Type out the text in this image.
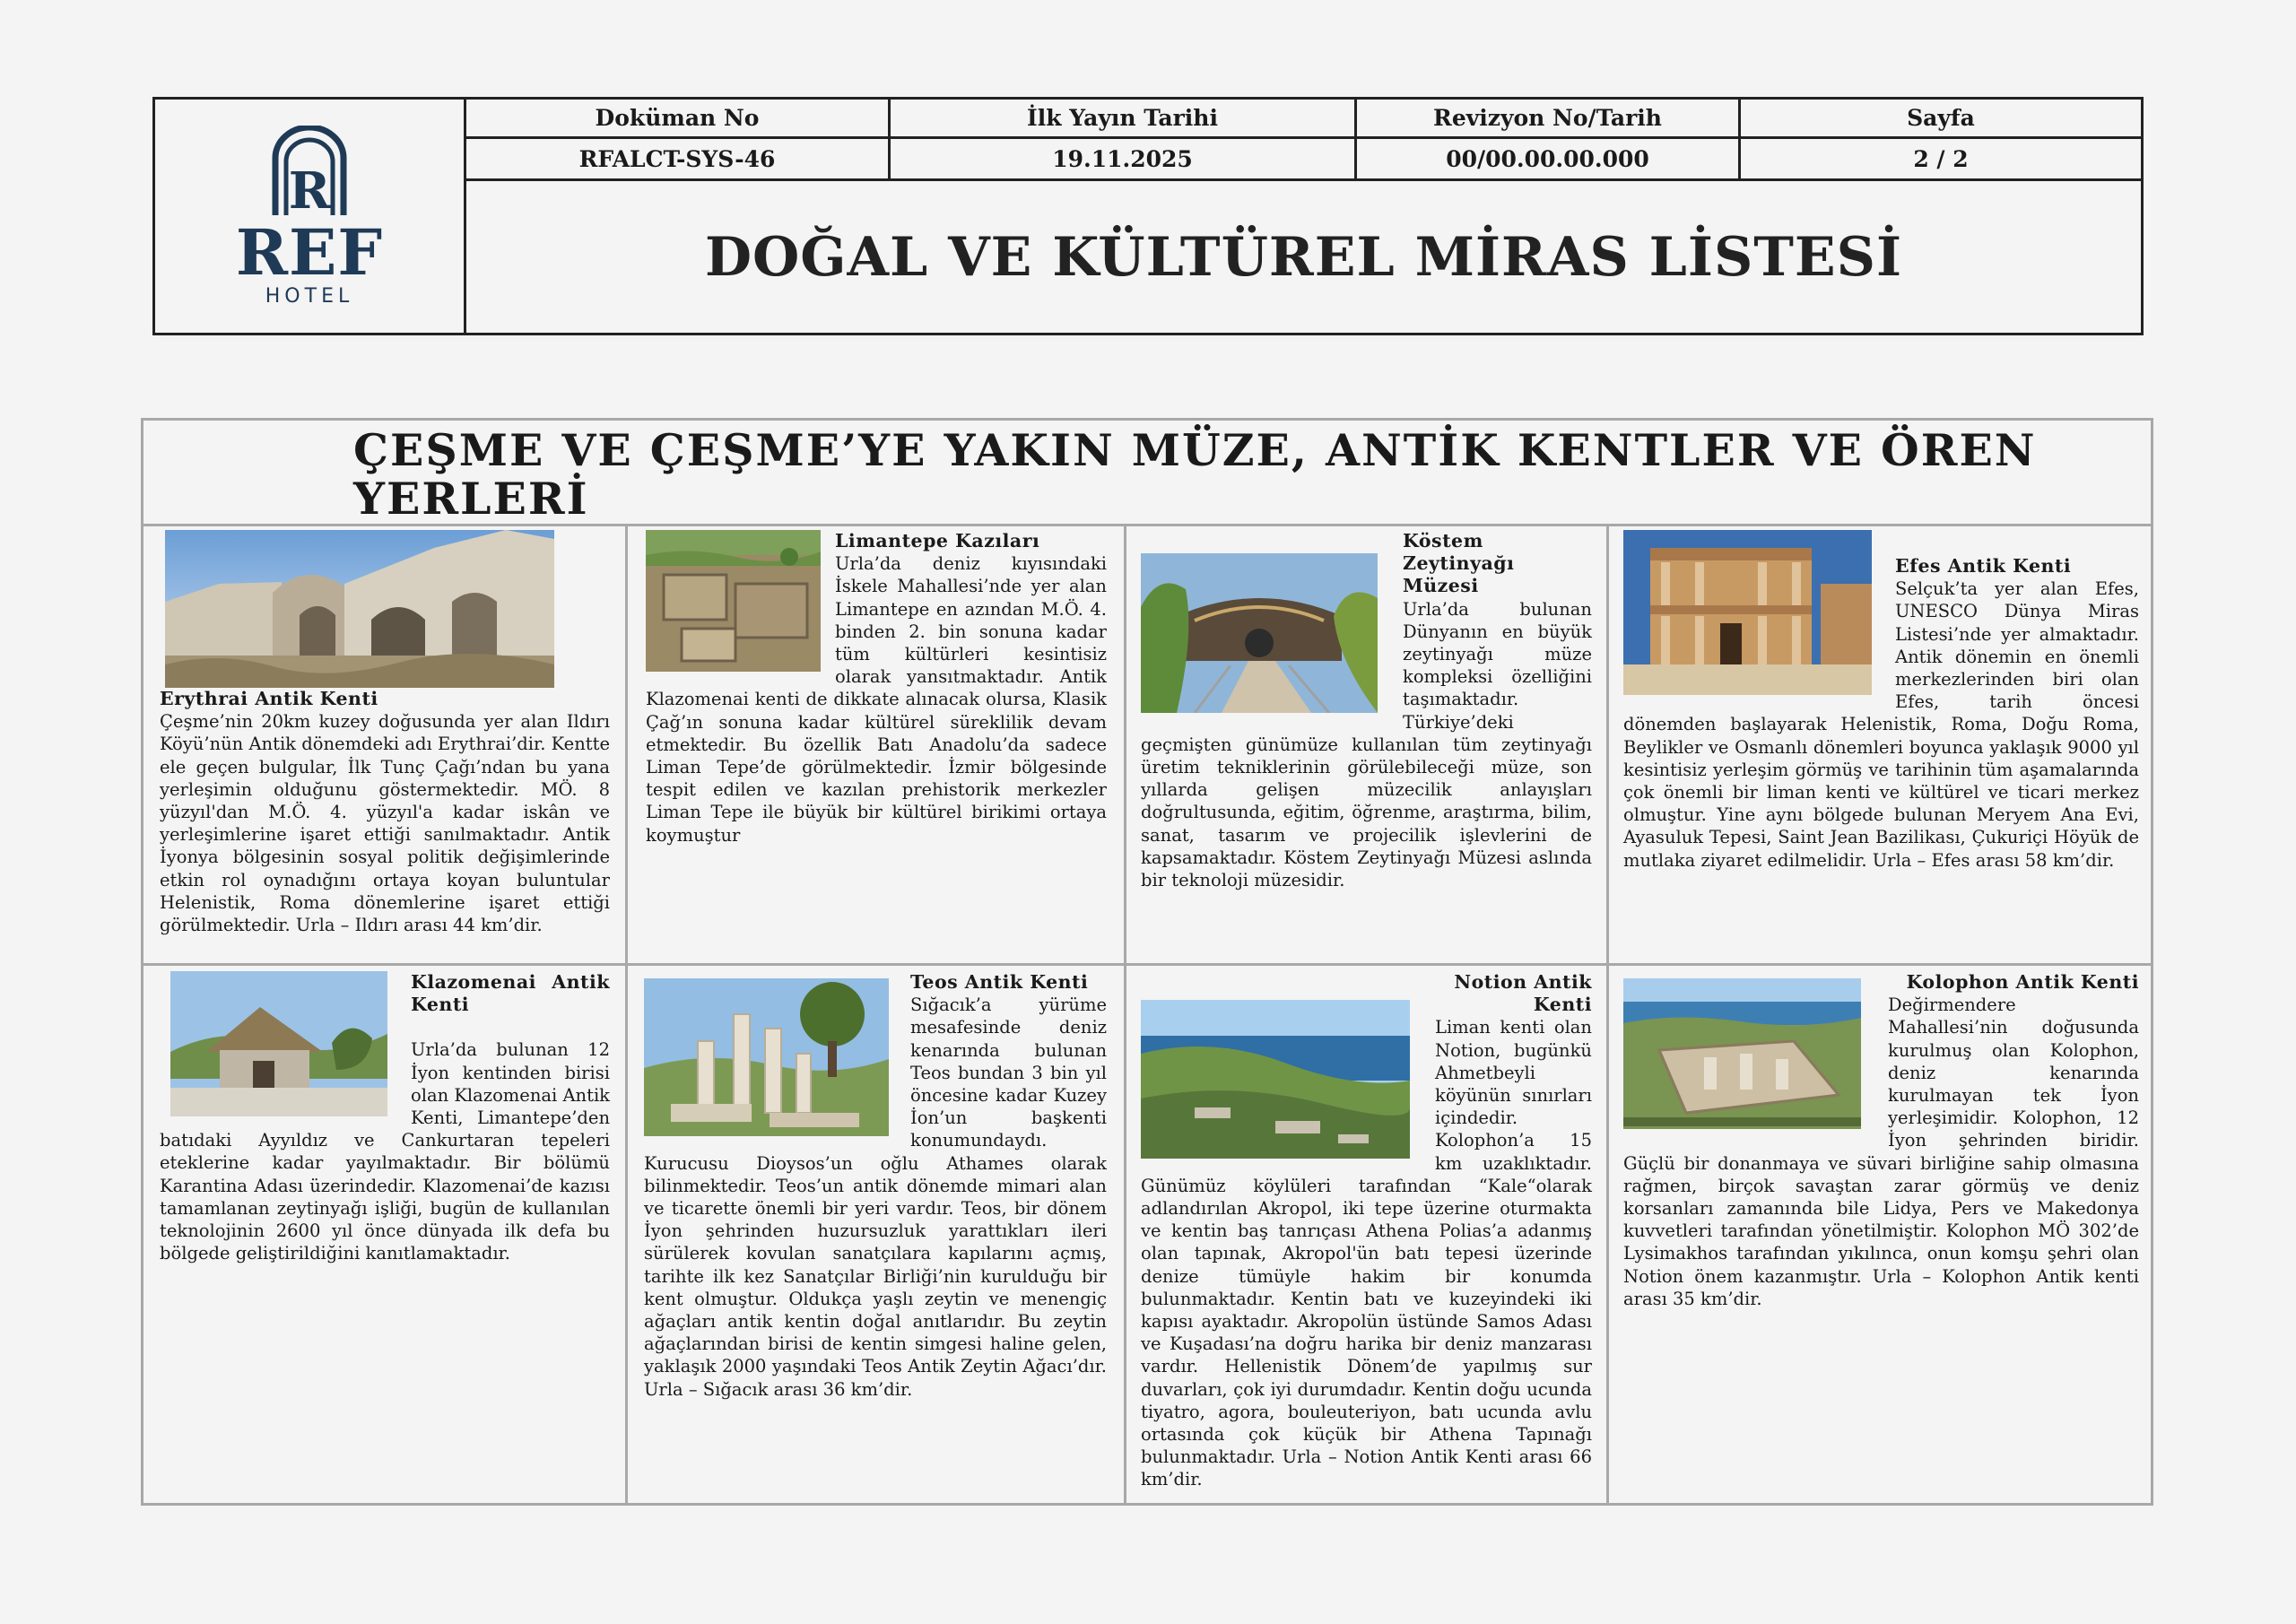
R
REF
HOTEL
Doküman No	İlk Yayın Tarihi	Revizyon No/Tarih	Sayfa
RFALCT-SYS-46	19.11.2025	00/00.00.00.000	2 / 2
DOĞAL VE KÜLTÜREL MİRAS LİSTESİ
ÇEŞME VE ÇEŞME’YE YAKIN MÜZE, ANTİK KENTLER VE ÖREN YERLERİ
Erythrai Antik Kenti

Çeşme’nin 20km kuzey doğusunda yer alan Ildırı Köyü’nün Antik dönemdeki adı Erythrai’dir. Kentte ele geçen bulgular, İlk Tunç Çağı’ndan bu yana yerleşimin olduğunu göstermektedir. MÖ. 8 yüzyıl'dan M.Ö. 4. yüzyıl'a kadar iskân ve yerleşimlerine işaret ettiği sanılmaktadır. Antik İyonya bölgesinin sosyal politik değişimlerinde etkin rol oynadığını ortaya koyan buluntular Helenistik, Roma dönemlerine işaret ettiği görülmektedir. Urla – Ildırı arası 44 km’dir.

Limantepe Kazıları

Urla’da deniz kıyısındaki İskele Mahallesi’nde yer alan Limantepe en azından M.Ö. 4. binden 2. bin sonuna kadar tüm kültürleri kesintisiz olarak yansıtmaktadır. Antik Klazomenai kenti de dikkate alınacak olursa, Klasik Çağ’ın sonuna kadar kültürel süreklilik devam etmektedir. Bu özellik Batı Anadolu’da sadece Liman Tepe’de görülmektedir. İzmir bölgesinde tespit edilen ve kazılan prehistorik merkezler Liman Tepe ile büyük bir kültürel birikimi ortaya koymuştur

Köstem Zeytinyağı Müzesi

Urla’da bulunan Dünyanın en büyük zeytinyağı müze kompleksi özelliğini taşımaktadır. Türkiye’deki geçmişten günümüze kullanılan tüm zeytinyağı üretim tekniklerinin görülebileceği müze, son yıllarda gelişen müzecilik anlayışları doğrultusunda, eğitim, öğrenme, araştırma, bilim, sanat, tasarım ve projecilik işlevlerini de kapsamaktadır. Köstem Zeytinyağı Müzesi aslında bir teknoloji müzesidir.

Efes Antik Kenti

Selçuk’ta yer alan Efes, UNESCO Dünya Miras Listesi’nde yer almaktadır. Antik dönemin en önemli merkezlerinden biri olan Efes, tarih öncesi dönemden başlayarak Helenistik, Roma, Doğu Roma, Beylikler ve Osmanlı dönemleri boyunca yaklaşık 9000 yıl kesintisiz yerleşim görmüş ve tarihinin tüm aşamalarında çok önemli bir liman kenti ve kültürel ve ticari merkez olmuştur. Yine aynı bölgede bulunan Meryem Ana Evi, Ayasuluk Tepesi, Saint Jean Bazilikası, Çukuriçi Höyük de mutlaka ziyaret edilmelidir. Urla – Efes arası 58 km’dir.

Klazomenai Antik Kenti

Urla’da bulunan 12 İyon kentinden birisi olan Klazomenai Antik Kenti, Limantepe’den batıdaki Ayyıldız ve Cankurtaran tepeleri eteklerine kadar yayılmaktadır. Bir bölümü Karantina Adası üzerindedir. Klazomenai’de kazısı tamamlanan zeytinyağı işliği, bugün de kullanılan teknolojinin 2600 yıl önce dünyada ilk defa bu bölgede geliştirildiğini kanıtlamaktadır.

Teos Antik Kenti

Sığacık’a yürüme mesafesinde deniz kenarında bulunan Teos bundan 3 bin yıl öncesine kadar Kuzey İon’un başkenti konumundaydı. Kurucusu Dioysos’un oğlu Athames olarak bilinmektedir. Teos’un antik dönemde mimari alan ve ticarette önemli bir yeri vardır. Teos, bir dönem İyon şehrinden huzursuzluk yarattıkları ileri sürülerek kovulan sanatçılara kapılarını açmış, tarihte ilk kez Sanatçılar Birliği’nin kurulduğu bir kent olmuştur. Oldukça yaşlı zeytin ve menengiç ağaçları antik kentin doğal anıtlarıdır. Bu zeytin ağaçlarından birisi de kentin simgesi haline gelen, yaklaşık 2000 yaşındaki Teos Antik Zeytin Ağacı’dır. Urla – Sığacık arası 36 km’dir.

Notion Antik Kenti

Liman kenti olan Notion, bugünkü Ahmetbeyli köyünün sınırları içindedir. Kolophon’a 15 km uzaklıktadır. Günümüz köylüleri tarafından “Kale“olarak adlandırılan Akropol, iki tepe üzerine oturmakta ve kentin baş tanrıçası Athena Polias’a adanmış olan tapınak, Akropol'ün batı tepesi üzerinde denize tümüyle hakim bir konumda bulunmaktadır. Kentin batı ve kuzeyindeki iki kapısı ayaktadır. Akropolün üstünde Samos Adası ve Kuşadası’na doğru harika bir deniz manzarası vardır. Hellenistik Dönem’de yapılmış sur duvarları, çok iyi durumdadır. Kentin doğu ucunda tiyatro, agora, bouleuteriyon, batı ucunda avlu ortasında çok küçük bir Athena Tapınağı bulunmaktadır. Urla – Notion Antik Kenti arası 66 km’dir.

Kolophon Antik Kenti

Değirmendere Mahallesi’nin doğusunda kurulmuş olan Kolophon, deniz kenarında kurulmayan tek İyon yerleşimidir. Kolophon, 12 İyon şehrinden biridir. Güçlü bir donanmaya ve süvari birliğine sahip olmasına rağmen, birçok savaştan zarar görmüş ve deniz korsanları zamanında bile Lidya, Pers ve Makedonya kuvvetleri tarafından yönetilmiştir. Kolophon MÖ 302’de Lysimakhos tarafından yıkılınca, onun komşu şehri olan Notion önem kazanmıştır. Urla – Kolophon Antik kenti arası 35 km’dir.
